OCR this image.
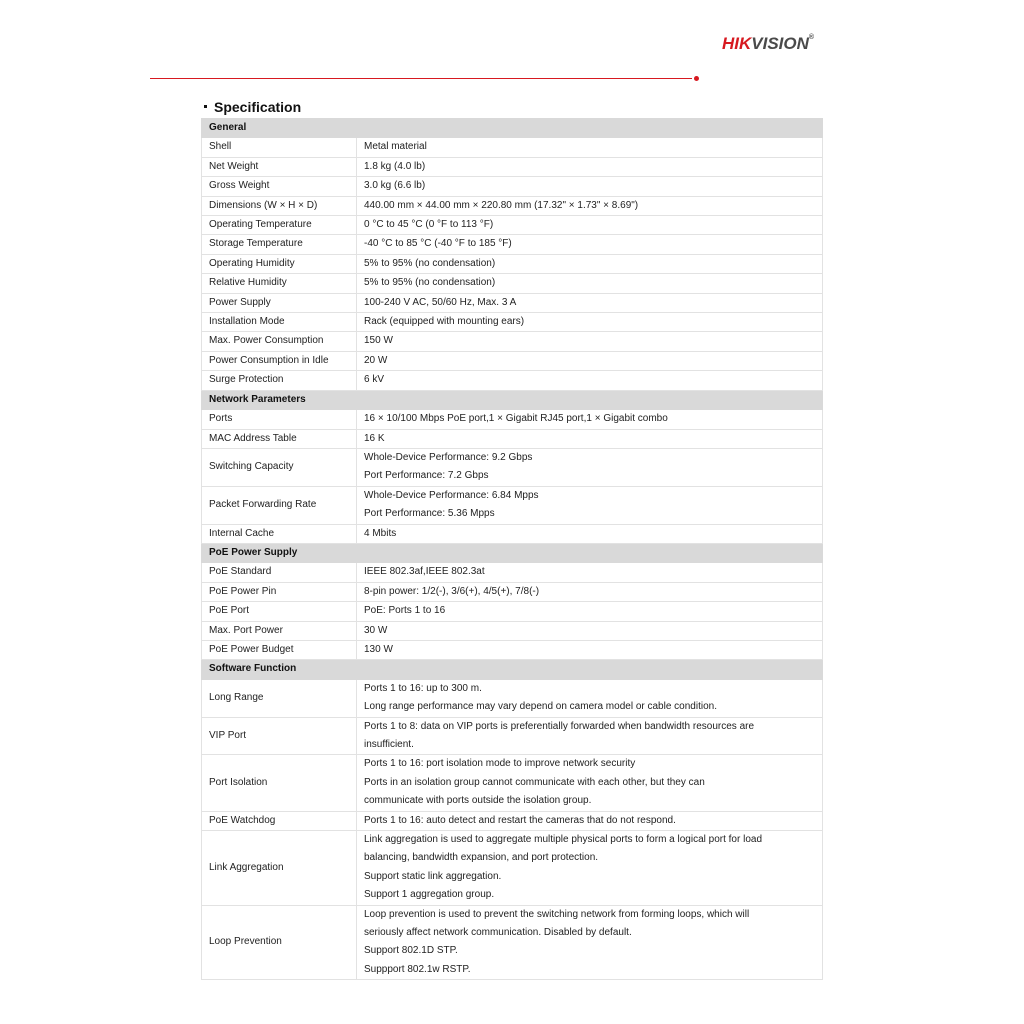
HIKVISION®
Specification
General	
Shell	Metal material

Net Weight	1.8 kg (4.0 lb)

Gross Weight	3.0 kg (6.6 lb)

Dimensions (W × H × D)	440.00 mm × 44.00 mm × 220.80 mm (17.32" × 1.73" × 8.69")

Operating Temperature	0 °C to 45 °C (0 °F to 113 °F)

Storage Temperature	-40 °C to 85 °C (-40 °F to 185 °F)

Operating Humidity	5% to 95% (no condensation)

Relative Humidity	5% to 95% (no condensation)

Power Supply	100-240 V AC, 50/60 Hz, Max. 3 A

Installation Mode	Rack (equipped with mounting ears)

Max. Power Consumption	150 W

Power Consumption in Idle	20 W

Surge Protection	6 kV

Network Parameters	
Ports	16 × 10/100 Mbps PoE port,1 × Gigabit RJ45 port,1 × Gigabit combo

MAC Address Table	16 K

Switching Capacity	Whole-Device Performance: 9.2 Gbps
Port Performance: 7.2 Gbps

Packet Forwarding Rate	Whole-Device Performance: 6.84 Mpps
Port Performance: 5.36 Mpps

Internal Cache	4 Mbits

PoE Power Supply	
PoE Standard	IEEE 802.3af,IEEE 802.3at

PoE Power Pin	8-pin power: 1/2(-), 3/6(+), 4/5(+), 7/8(-)

PoE Port	PoE: Ports 1 to 16

Max. Port Power	30 W

PoE Power Budget	130 W

Software Function	
Long Range	Ports 1 to 16: up to 300 m.
Long range performance may vary depend on camera model or cable condition.

VIP Port	Ports 1 to 8: data on VIP ports is preferentially forwarded when bandwidth resources are
insufficient.

Port Isolation	Ports 1 to 16: port isolation mode to improve network security
Ports in an isolation group cannot communicate with each other, but they can
communicate with ports outside the isolation group.

PoE Watchdog	Ports 1 to 16: auto detect and restart the cameras that do not respond.

Link Aggregation	Link aggregation is used to aggregate multiple physical ports to form a logical port for load
balancing, bandwidth expansion, and port protection.
Support static link aggregation.
Support 1 aggregation group.

Loop Prevention	Loop prevention is used to prevent the switching network from forming loops, which will
seriously affect network communication. Disabled by default.
Support 802.1D STP.
Suppport 802.1w RSTP.
